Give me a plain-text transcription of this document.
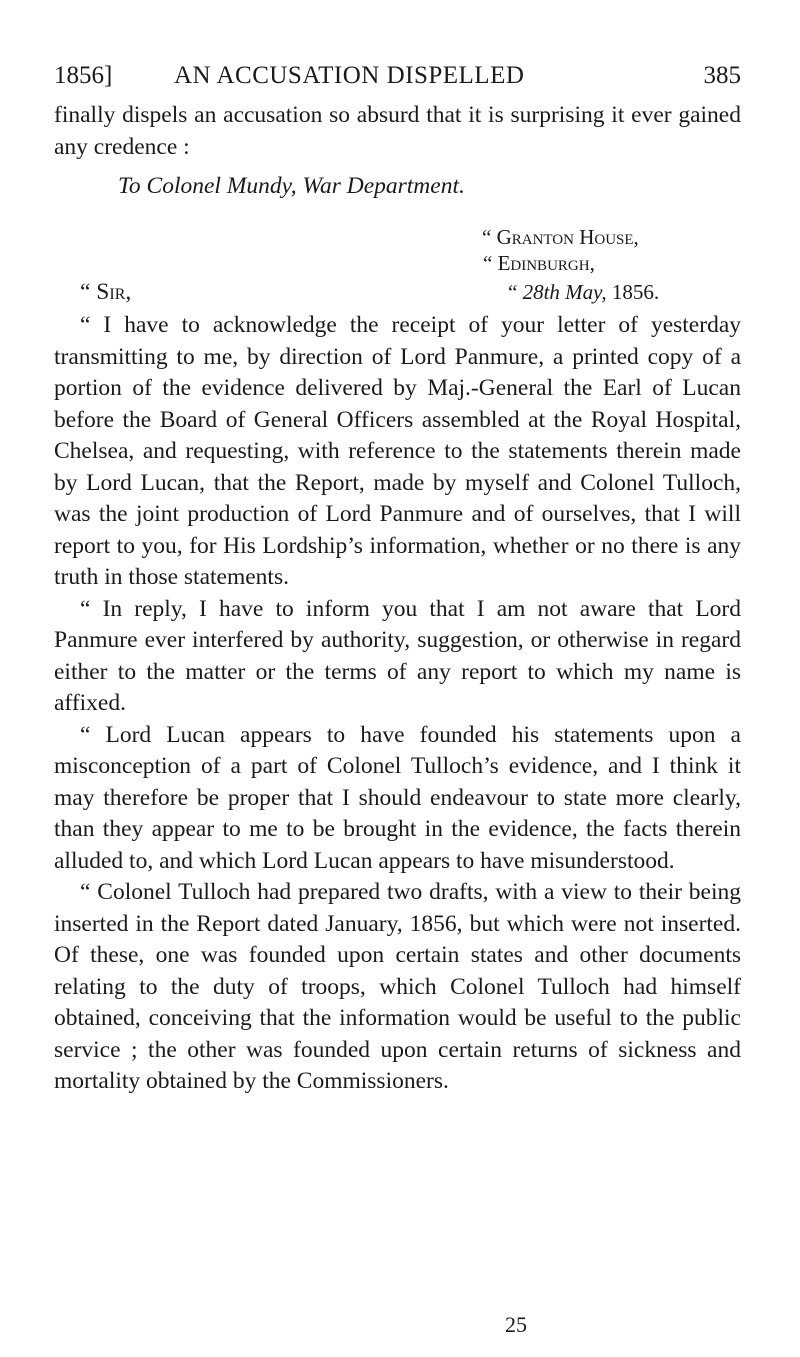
1856] AN ACCUSATION DISPELLED	385

finally dispels an accusation so absurd that it is surprising it ever gained any credence :

To Colonel Mundy, War Department.
“ Granton House,
“ Edinburgh,
“ Sir,	“ 28th May, 1856.

“ I have to acknowledge the receipt of your letter of yesterday transmitting to me, by direction of Lord Panmure, a printed copy of a portion of the evidence delivered by Maj.-General the Earl of Lucan before the Board of General Officers assembled at the Royal Hospital, Chelsea, and requesting, with reference to the statements therein made by Lord Lucan, that the Report, made by myself and Colonel Tulloch, was the joint production of Lord Panmure and of ourselves, that I will report to you, for His Lordship’s information, whether or no there is any truth in those statements.

“ In reply, I have to inform you that I am not aware that Lord Panmure ever interfered by authority, suggestion, or otherwise in regard either to the matter or the terms of any report to which my name is affixed.

“ Lord Lucan appears to have founded his statements upon a misconception of a part of Colonel Tulloch’s evidence, and I think it may therefore be proper that I should endeavour to state more clearly, than they appear to me to be brought in the evidence, the facts therein alluded to, and which Lord Lucan appears to have misunderstood.

“ Colonel Tulloch had prepared two drafts, with a view to their being inserted in the Report dated January, 1856, but which were not inserted. Of these, one was founded upon certain states and other documents relating to the duty of troops, which Colonel Tulloch had himself obtained, conceiving that the information would be useful to the public service ; the other was founded upon certain returns of sickness and mortality obtained by the Commissioners.

25
